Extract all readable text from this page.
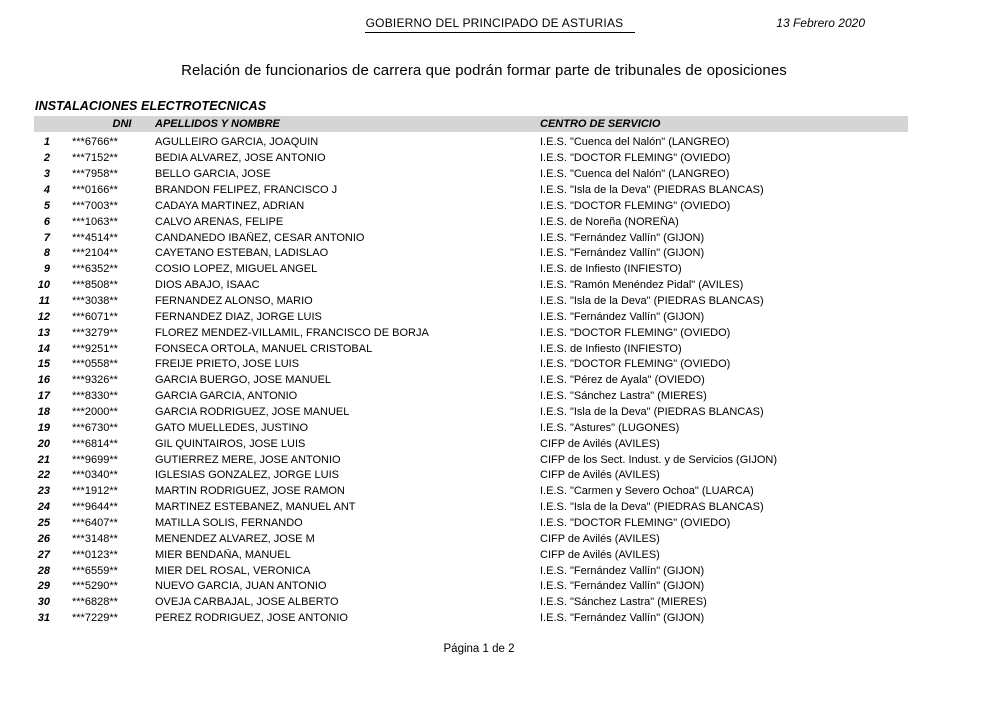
GOBIERNO DEL PRINCIPADO DE ASTURIAS	13 Febrero 2020
Relación de funcionarios de carrera que podrán formar parte de tribunales de oposiciones
INSTALACIONES ELECTROTECNICAS
DNI	APELLIDOS Y NOMBRE	CENTRO DE SERVICIO
1 ***6766**	AGULLEIRO GARCIA, JOAQUIN	I.E.S. "Cuenca del Nalón" (LANGREO)
2 ***7152**	BEDIA ALVAREZ, JOSE ANTONIO	I.E.S. "DOCTOR FLEMING" (OVIEDO)
3 ***7958**	BELLO GARCIA, JOSE	I.E.S. "Cuenca del Nalón" (LANGREO)
4 ***0166**	BRANDON FELIPEZ, FRANCISCO J	I.E.S. "Isla de la Deva" (PIEDRAS BLANCAS)
5 ***7003**	CADAYA MARTINEZ, ADRIAN	I.E.S. "DOCTOR FLEMING" (OVIEDO)
6 ***1063**	CALVO ARENAS, FELIPE	I.E.S. de Noreña (NOREÑA)
7 ***4514**	CANDANEDO IBAÑEZ, CESAR ANTONIO	I.E.S. "Fernández Vallín" (GIJON)
8 ***2104**	CAYETANO ESTEBAN, LADISLAO	I.E.S. "Fernández Vallín" (GIJON)
9 ***6352**	COSIO LOPEZ, MIGUEL ANGEL	I.E.S. de Infiesto (INFIESTO)
10 ***8508**	DIOS ABAJO, ISAAC	I.E.S. "Ramón Menéndez Pidal" (AVILES)
11 ***3038**	FERNANDEZ ALONSO, MARIO	I.E.S. "Isla de la Deva" (PIEDRAS BLANCAS)
12 ***6071**	FERNANDEZ DIAZ, JORGE LUIS	I.E.S. "Fernández Vallín" (GIJON)
13 ***3279**	FLOREZ MENDEZ-VILLAMIL, FRANCISCO DE BORJA	I.E.S. "DOCTOR FLEMING" (OVIEDO)
14 ***9251**	FONSECA ORTOLA, MANUEL CRISTOBAL	I.E.S. de Infiesto (INFIESTO)
15 ***0558**	FREIJE PRIETO, JOSE LUIS	I.E.S. "DOCTOR FLEMING" (OVIEDO)
16 ***9326**	GARCIA BUERGO, JOSE MANUEL	I.E.S. "Pérez de Ayala" (OVIEDO)
17 ***8330**	GARCIA GARCIA, ANTONIO	I.E.S. "Sánchez Lastra" (MIERES)
18 ***2000**	GARCIA RODRIGUEZ, JOSE MANUEL	I.E.S. "Isla de la Deva" (PIEDRAS BLANCAS)
19 ***6730**	GATO MUELLEDES, JUSTINO	I.E.S. "Astures" (LUGONES)
20 ***6814**	GIL QUINTAIROS, JOSE LUIS	CIFP de Avilés (AVILES)
21 ***9699**	GUTIERREZ MERE, JOSE ANTONIO	CIFP de los Sect. Indust. y de Servicios (GIJON)
22 ***0340**	IGLESIAS GONZALEZ, JORGE LUIS	CIFP de Avilés (AVILES)
23 ***1912**	MARTIN RODRIGUEZ, JOSE RAMON	I.E.S. "Carmen y Severo Ochoa" (LUARCA)
24 ***9644**	MARTINEZ ESTEBANEZ, MANUEL ANT	I.E.S. "Isla de la Deva" (PIEDRAS BLANCAS)
25 ***6407**	MATILLA SOLIS, FERNANDO	I.E.S. "DOCTOR FLEMING" (OVIEDO)
26 ***3148**	MENENDEZ ALVAREZ, JOSE M	CIFP de Avilés (AVILES)
27 ***0123**	MIER BENDAÑA, MANUEL	CIFP de Avilés (AVILES)
28 ***6559**	MIER DEL ROSAL, VERONICA	I.E.S. "Fernández Vallín" (GIJON)
29 ***5290**	NUEVO GARCIA, JUAN ANTONIO	I.E.S. "Fernández Vallín" (GIJON)
30 ***6828**	OVEJA CARBAJAL, JOSE ALBERTO	I.E.S. "Sánchez Lastra" (MIERES)
31 ***7229**	PEREZ RODRIGUEZ, JOSE ANTONIO	I.E.S. "Fernández Vallín" (GIJON)
Página 1 de 2
